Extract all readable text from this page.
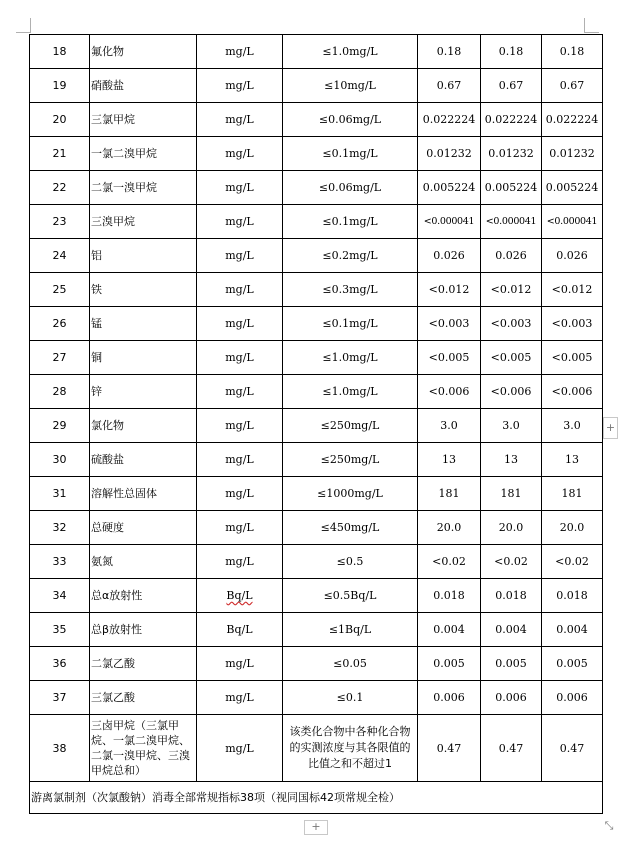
18	氟化物	mg/L	≤1.0mg/L	0.18	0.18	0.18
19	硝酸盐	mg/L	≤10mg/L	0.67	0.67	0.67
20	三氯甲烷	mg/L	≤0.06mg/L	0.022224	0.022224	0.022224
21	一氯二溴甲烷	mg/L	≤0.1mg/L	0.01232	0.01232	0.01232
22	二氯一溴甲烷	mg/L	≤0.06mg/L	0.005224	0.005224	0.005224
23	三溴甲烷	mg/L	≤0.1mg/L	<0.000041	<0.000041	<0.000041
24	铝	mg/L	≤0.2mg/L	0.026	0.026	0.026
25	铁	mg/L	≤0.3mg/L	<0.012	<0.012	<0.012
26	锰	mg/L	≤0.1mg/L	<0.003	<0.003	<0.003
27	铜	mg/L	≤1.0mg/L	<0.005	<0.005	<0.005
28	锌	mg/L	≤1.0mg/L	<0.006	<0.006	<0.006
29	氯化物	mg/L	≤250mg/L	3.0	3.0	3.0
30	硫酸盐	mg/L	≤250mg/L	13	13	13
31	溶解性总固体	mg/L	≤1000mg/L	181	181	181
32	总硬度	mg/L	≤450mg/L	20.0	20.0	20.0
33	氨氮	mg/L	≤0.5	<0.02	<0.02	<0.02
34	总α放射性	Bq/L	≤0.5Bq/L	0.018	0.018	0.018
35	总β放射性	Bq/L	≤1Bq/L	0.004	0.004	0.004
36	二氯乙酸	mg/L	≤0.05	0.005	0.005	0.005
37	三氯乙酸	mg/L	≤0.1	0.006	0.006	0.006
38	三卤甲烷（三氯甲烷、一氯二溴甲烷、二氯一溴甲烷、三溴甲烷总和）	mg/L	该类化合物中各种化合物的实测浓度与其各限值的比值之和不超过1	0.47	0.47	0.47
游离氯制剂（次氯酸钠）消毒全部常规指标38项（视同国标42项常规全检）						
+
+	⤡
